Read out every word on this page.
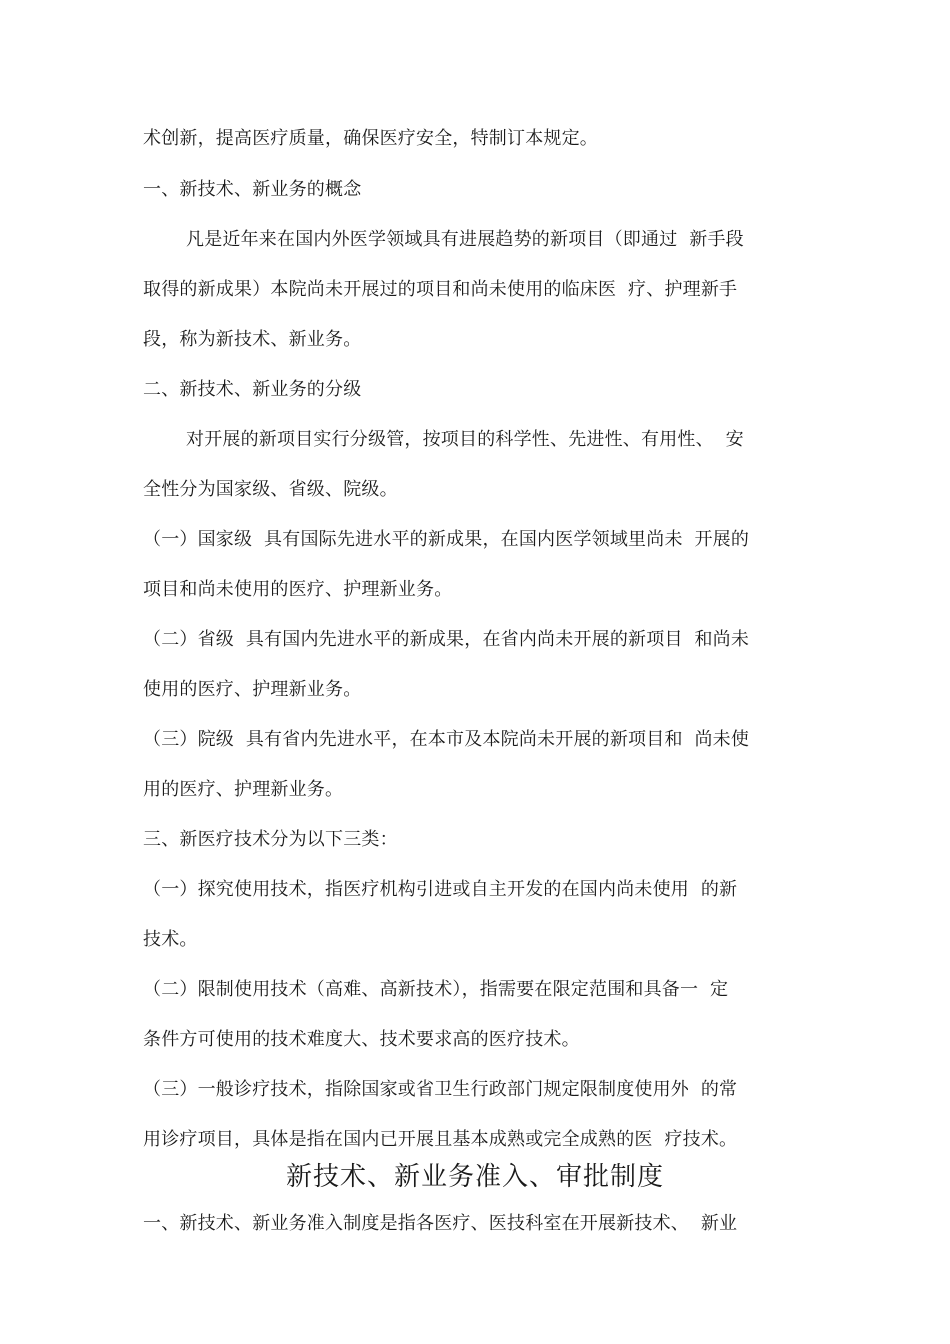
术创新，提高医疗质量，确保医疗安全，特制订本规定。
一、新技术、新业务的概念
凡是近年来在国内外医学领域具有进展趋势的新项目（即通过  新手段
取得的新成果）本院尚未开展过的项目和尚未使用的临床医  疗、护理新手
段，称为新技术、新业务。
二、新技术、新业务的分级
对开展的新项目实行分级管，按项目的科学性、先进性、有用性、  安
全性分为国家级、省级、院级。
（一）国家级  具有国际先进水平的新成果，在国内医学领域里尚未  开展的
项目和尚未使用的医疗、护理新业务。
（二）省级  具有国内先进水平的新成果，在省内尚未开展的新项目  和尚未
使用的医疗、护理新业务。
（三）院级  具有省内先进水平，在本市及本院尚未开展的新项目和  尚未使
用的医疗、护理新业务。
三、新医疗技术分为以下三类：
（一）探究使用技术，指医疗机构引进或自主开发的在国内尚未使用  的新
技术。
（二）限制使用技术（高难、高新技术），指需要在限定范围和具备一  定
条件方可使用的技术难度大、技术要求高的医疗技术。
（三）一般诊疗技术，指除国家或省卫生行政部门规定限制度使用外  的常
用诊疗项目，具体是指在国内已开展且基本成熟或完全成熟的医  疗技术。
新技术、新业务准入、审批制度
一、新技术、新业务准入制度是指各医疗、医技科室在开展新技术、  新业
